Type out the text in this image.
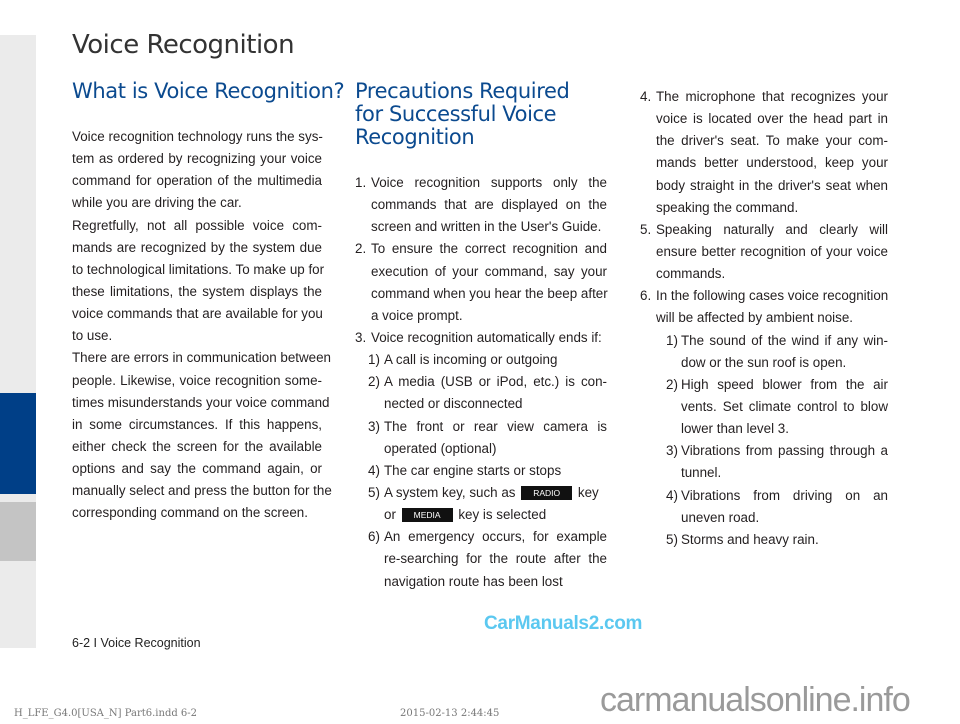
Voice Recognition
What is Voice Recognition?
Voice recognition technology runs the sys-
tem as ordered by recognizing your voice
command for operation of the multimedia
while you are driving the car.
Regretfully, not all possible voice com-
mands are recognized by the system due
to technological limitations. To make up for
these limitations, the system displays the
voice commands that are available for you
to use.
There are errors in communication between
people. Likewise, voice recognition some-
times misunderstands your voice command
in some circumstances. If this happens,
either check the screen for the available
options and say the command again, or
manually select and press the button for the
corresponding command on the screen.
Precautions Required
for Successful Voice
Recognition
1. Voice recognition supports only the
commands that are displayed on the
screen and written in the User's Guide.
2. To ensure the correct recognition and
execution of your command, say your
command when you hear the beep after
a voice prompt.
3. Voice recognition automatically ends if:
1) A call is incoming or outgoing
2) A media (USB or iPod, etc.) is con-
nected or disconnected
3) The front or rear view camera is
operated (optional)
4) The car engine starts or stops
5) A system key, such as RADIO key
or MEDIA key is selected
6) An emergency occurs, for example
re-searching for the route after the
navigation route has been lost
4. The microphone that recognizes your
voice is located over the head part in
the driver's seat. To make your com-
mands better understood, keep your
body straight in the driver's seat when
speaking the command.
5. Speaking naturally and clearly will
ensure better recognition of your voice
commands.
6. In the following cases voice recognition
will be affected by ambient noise.
1) The sound of the wind if any win-
dow or the sun roof is open.
2) High speed blower from the air
vents. Set climate control to blow
lower than level 3.
3) Vibrations from passing through a
tunnel.
4) Vibrations from driving on an
uneven road.
5) Storms and heavy rain.
6-2 I Voice Recognition
CarManuals2.com
carmanualsonline.info
H_LFE_G4.0[USA_N] Part6.indd 6-2	2015-02-13 2:44:45
